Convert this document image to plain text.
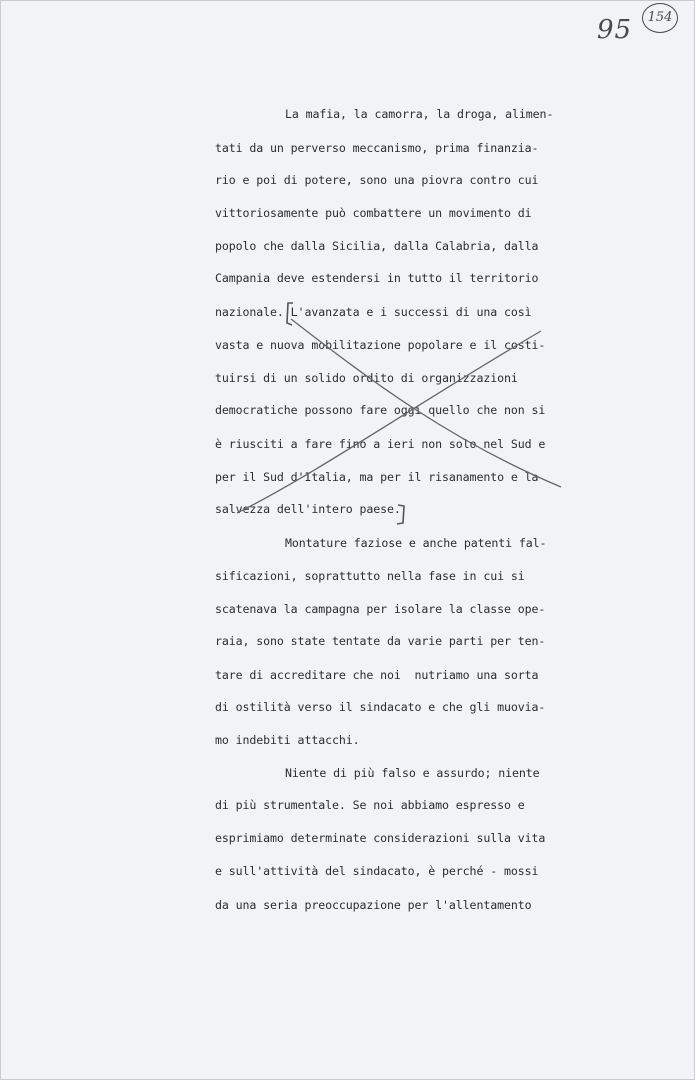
95	154
La mafia, la camorra, la droga, alimen-
tati da un perverso meccanismo, prima finanzia-
rio e poi di potere, sono una piovra contro cui
vittoriosamente può combattere un movimento di
popolo che dalla Sicilia, dalla Calabria, dalla
Campania deve estendersi in tutto il territorio
nazionale. L'avanzata e i successi di una così
vasta e nuova mobilitazione popolare e il costi-
tuirsi di un solido ordito di organizzazioni
democratiche possono fare oggi quello che non si
è riusciti a fare fino a ieri non solo nel Sud e
per il Sud d'Italia, ma per il risanamento e la
salvezza dell'intero paese.
Montature faziose e anche patenti fal-
sificazioni, soprattutto nella fase in cui si
scatenava la campagna per isolare la classe ope-
raia, sono state tentate da varie parti per ten-
tare di accreditare che noi  nutriamo una sorta
di ostilità verso il sindacato e che gli muovia-
mo indebiti attacchi.
Niente di più falso e assurdo; niente
di più strumentale. Se noi abbiamo espresso e
esprimiamo determinate considerazioni sulla vita
e sull'attività del sindacato, è perché - mossi
da una seria preoccupazione per l'allentamento
